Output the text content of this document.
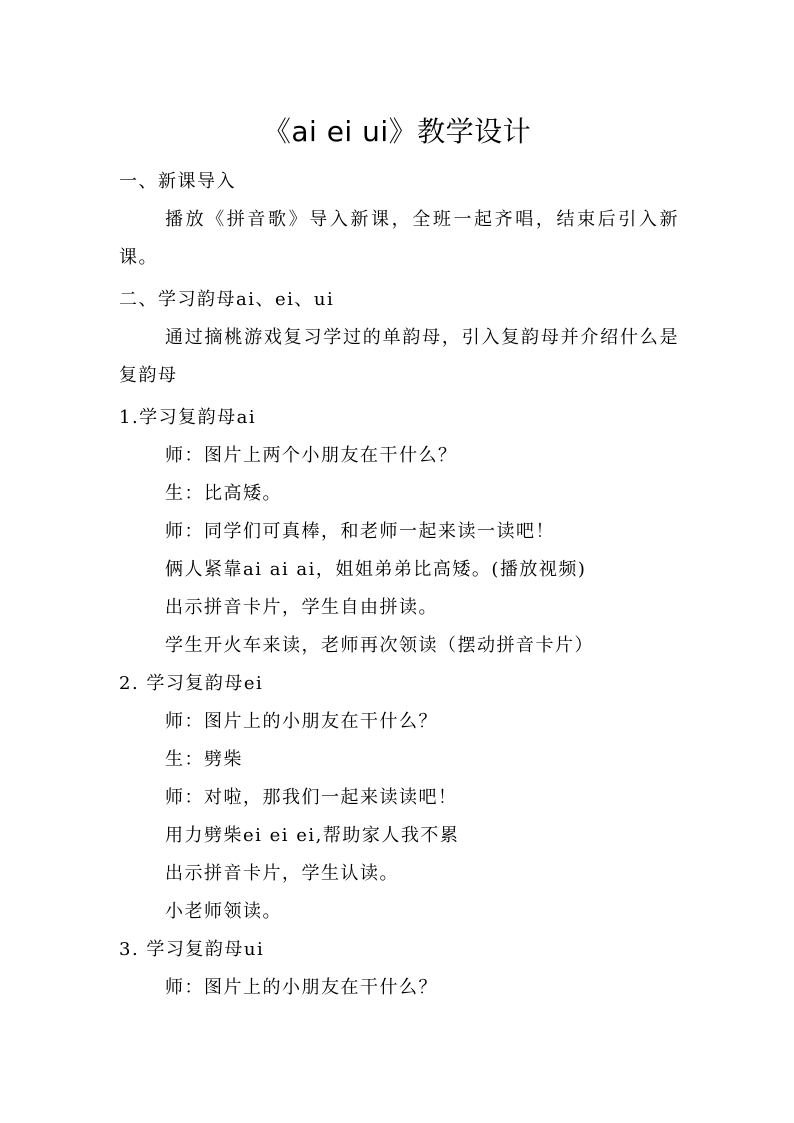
《ai ei ui》教学设计
一、新课导入
播放《拼音歌》导入新课，全班一起齐唱，结束后引入新课。
二、学习韵母ai、ei、ui
通过摘桃游戏复习学过的单韵母，引入复韵母并介绍什么是复韵母
1.学习复韵母ai
师：图片上两个小朋友在干什么？
生：比高矮。
师：同学们可真棒，和老师一起来读一读吧！
俩人紧靠ai ai ai，姐姐弟弟比高矮。(播放视频)
出示拼音卡片，学生自由拼读。
学生开火车来读，老师再次领读（摆动拼音卡片）
2. 学习复韵母ei
师：图片上的小朋友在干什么？
生：劈柴
师：对啦，那我们一起来读读吧！
用力劈柴ei ei ei,帮助家人我不累
出示拼音卡片，学生认读。
小老师领读。
3. 学习复韵母ui
师：图片上的小朋友在干什么？
